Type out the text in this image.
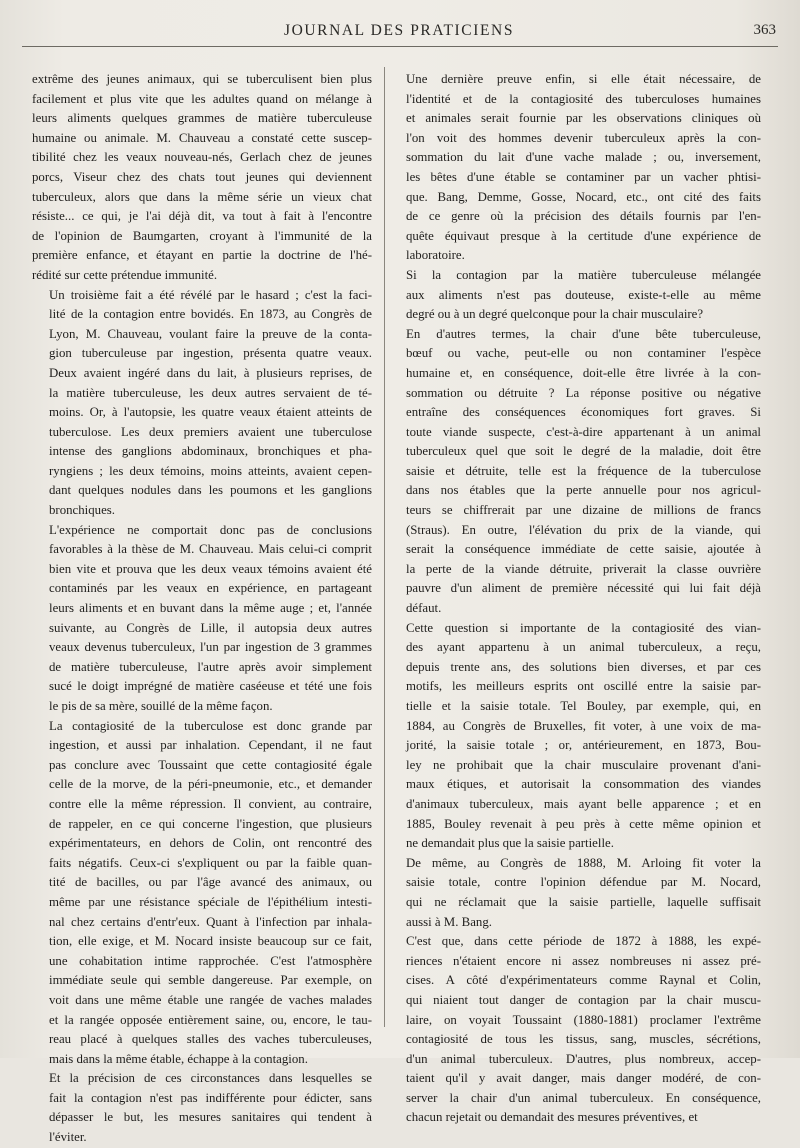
JOURNAL DES PRATICIENS	363

extrême des jeunes animaux, qui se tuberculisent bien plus
facilement et plus vite que les adultes quand on mélange à
leurs aliments quelques grammes de matière tuberculeuse
humaine ou animale. M. Chauveau a constaté cette suscep-
tibilité chez les veaux nouveau-nés, Gerlach chez de jeunes
porcs, Viseur chez des chats tout jeunes qui deviennent
tuberculeux, alors que dans la même série un vieux chat
résiste... ce qui, je l'ai déjà dit, va tout à fait à l'encontre
de l'opinion de Baumgarten, croyant à l'immunité de la
première enfance, et étayant en partie la doctrine de l'hé-
rédité sur cette prétendue immunité.

Un troisième fait a été révélé par le hasard ; c'est la faci-
lité de la contagion entre bovidés. En 1873, au Congrès de
Lyon, M. Chauveau, voulant faire la preuve de la conta-
gion tuberculeuse par ingestion, présenta quatre veaux.
Deux avaient ingéré dans du lait, à plusieurs reprises, de
la matière tuberculeuse, les deux autres servaient de té-
moins. Or, à l'autopsie, les quatre veaux étaient atteints de
tuberculose. Les deux premiers avaient une tuberculose
intense des ganglions abdominaux, bronchiques et pha-
ryngiens ; les deux témoins, moins atteints, avaient cepen-
dant quelques nodules dans les poumons et les ganglions
bronchiques.

L'expérience ne comportait donc pas de conclusions
favorables à la thèse de M. Chauveau. Mais celui-ci comprit
bien vite et prouva que les deux veaux témoins avaient été
contaminés par les veaux en expérience, en partageant
leurs aliments et en buvant dans la même auge ; et, l'année
suivante, au Congrès de Lille, il autopsia deux autres
veaux devenus tuberculeux, l'un par ingestion de 3 grammes
de matière tuberculeuse, l'autre après avoir simplement
sucé le doigt imprégné de matière caséeuse et tété une fois
le pis de sa mère, souillé de la même façon.

La contagiosité de la tuberculose est donc grande par
ingestion, et aussi par inhalation. Cependant, il ne faut
pas conclure avec Toussaint que cette contagiosité égale
celle de la morve, de la péri-pneumonie, etc., et demander
contre elle la même répression. Il convient, au contraire,
de rappeler, en ce qui concerne l'ingestion, que plusieurs
expérimentateurs, en dehors de Colin, ont rencontré des
faits négatifs. Ceux-ci s'expliquent ou par la faible quan-
tité de bacilles, ou par l'âge avancé des animaux, ou
même par une résistance spéciale de l'épithélium intesti-
nal chez certains d'entr'eux. Quant à l'infection par inhala-
tion, elle exige, et M. Nocard insiste beaucoup sur ce fait,
une cohabitation intime rapprochée. C'est l'atmosphère
immédiate seule qui semble dangereuse. Par exemple, on
voit dans une même étable une rangée de vaches malades
et la rangée opposée entièrement saine, ou, encore, le tau-
reau placé à quelques stalles des vaches tuberculeuses,
mais dans la même étable, échappe à la contagion.

Et la précision de ces circonstances dans lesquelles se
fait la contagion n'est pas indifférente pour édicter, sans
dépasser le but, les mesures sanitaires qui tendent à
l'éviter.

Une dernière preuve enfin, si elle était nécessaire, de
l'identité et de la contagiosité des tuberculoses humaines
et animales serait fournie par les observations cliniques où
l'on voit des hommes devenir tuberculeux après la con-
sommation du lait d'une vache malade ; ou, inversement,
les bêtes d'une étable se contaminer par un vacher phtisi-
que. Bang, Demme, Gosse, Nocard, etc., ont cité des faits
de ce genre où la précision des détails fournis par l'en-
quête équivaut presque à la certitude d'une expérience de
laboratoire.

Si la contagion par la matière tuberculeuse mélangée
aux aliments n'est pas douteuse, existe-t-elle au même
degré ou à un degré quelconque pour la chair musculaire?

En d'autres termes, la chair d'une bête tuberculeuse,
bœuf ou vache, peut-elle ou non contaminer l'espèce
humaine et, en conséquence, doit-elle être livrée à la con-
sommation ou détruite ? La réponse positive ou négative
entraîne des conséquences économiques fort graves. Si
toute viande suspecte, c'est-à-dire appartenant à un animal
tuberculeux quel que soit le degré de la maladie, doit être
saisie et détruite, telle est la fréquence de la tuberculose
dans nos étables que la perte annuelle pour nos agricul-
teurs se chiffrerait par une dizaine de millions de francs
(Straus). En outre, l'élévation du prix de la viande, qui
serait la conséquence immédiate de cette saisie, ajoutée à
la perte de la viande détruite, priverait la classe ouvrière
pauvre d'un aliment de première nécessité qui lui fait déjà
défaut.

Cette question si importante de la contagiosité des vian-
des ayant appartenu à un animal tuberculeux, a reçu,
depuis trente ans, des solutions bien diverses, et par ces
motifs, les meilleurs esprits ont oscillé entre la saisie par-
tielle et la saisie totale. Tel Bouley, par exemple, qui, en
1884, au Congrès de Bruxelles, fit voter, à une voix de ma-
jorité, la saisie totale ; or, antérieurement, en 1873, Bou-
ley ne prohibait que la chair musculaire provenant d'ani-
maux étiques, et autorisait la consommation des viandes
d'animaux tuberculeux, mais ayant belle apparence ; et en
1885, Bouley revenait à peu près à cette même opinion et
ne demandait plus que la saisie partielle.

De même, au Congrès de 1888, M. Arloing fit voter la
saisie totale, contre l'opinion défendue par M. Nocard,
qui ne réclamait que la saisie partielle, laquelle suffisait
aussi à M. Bang.

C'est que, dans cette période de 1872 à 1888, les expé-
riences n'étaient encore ni assez nombreuses ni assez pré-
cises. A côté d'expérimentateurs comme Raynal et Colin,
qui niaient tout danger de contagion par la chair muscu-
laire, on voyait Toussaint (1880-1881) proclamer l'extrême
contagiosité de tous les tissus, sang, muscles, sécrétions,
d'un animal tuberculeux. D'autres, plus nombreux, accep-
taient qu'il y avait danger, mais danger modéré, de con-
server la chair d'un animal tuberculeux. En conséquence,
chacun rejetait ou demandait des mesures préventives, et
